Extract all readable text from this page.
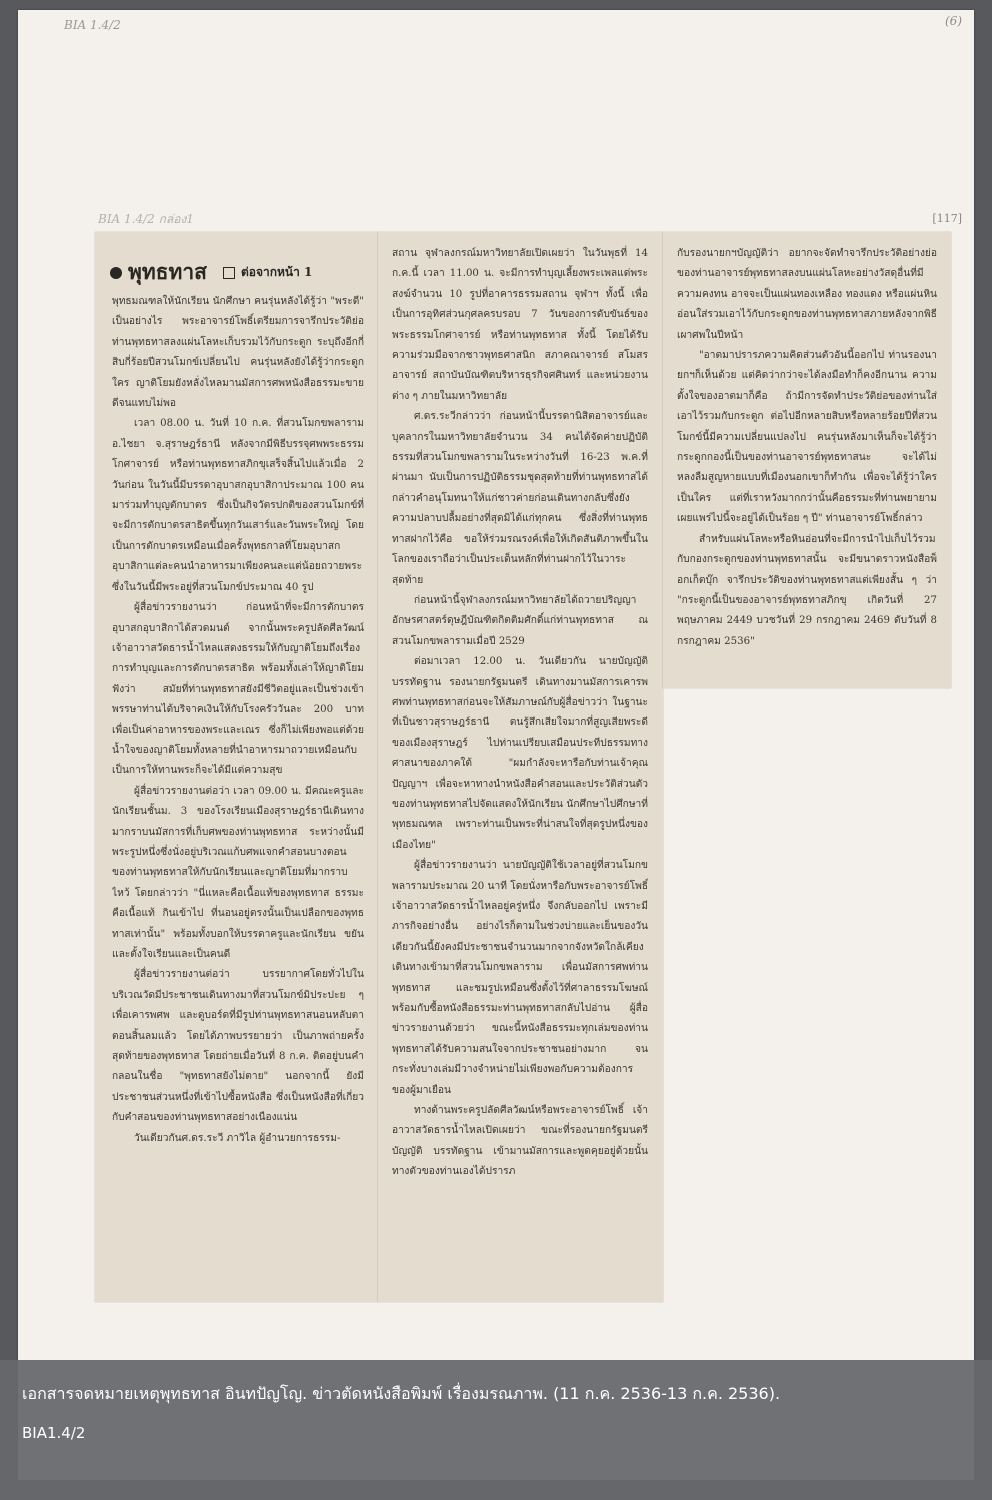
BIA 1.4/2	(6)
BIA 1.4/2 กล่อง1	[117]
พุทธทาส	ต่อจากหน้า 1

พุทธมณฑลให้นักเรียน นักศึกษา คนรุ่นหลังได้รู้ว่า "พระดี" เป็นอย่างไร พระอาจารย์โพธิ์เตรียมการจารึกประวัติย่อท่านพุทธทาสลงแผ่นโลหะเก็บรวมไว้กับกระดูก ระบุถึงอีกกี่สิบกี่ร้อยปีสวนโมกข์เปลี่ยนไป คนรุ่นหลังยังได้รู้ว่ากระดูกใคร ญาติโยมยังหลั่งไหลมานมัสการศพหนังสือธรรมะขายดีจนแทบไม่พอ

เวลา 08.00 น. วันที่ 10 ก.ค. ที่สวนโมกขพลาราม อ.ไชยา จ.สุราษฎร์ธานี หลังจากมีพิธีบรรจุศพพระธรรมโกศาจารย์ หรือท่านพุทธทาสภิกขุเสร็จสิ้นไปแล้วเมื่อ 2 วันก่อน ในวันนี้มีบรรดาอุบาสกอุบาสิกาประมาณ 100 คน มาร่วมทำบุญตักบาตร ซึ่งเป็นกิจวัตรปกติของสวนโมกข์ที่จะมีการตักบาตรสาธิตขึ้นทุกวันเสาร์และวันพระใหญ่ โดยเป็นการตักบาตรเหมือนเมื่อครั้งพุทธกาลที่โยมอุบาสกอุบาสิกาแต่ละคนนำอาหารมาเพียงคนละแต่น้อยถวายพระ ซึ่งในวันนี้มีพระอยู่ที่สวนโมกข์ประมาณ 40 รูป

ผู้สื่อข่าวรายงานว่า ก่อนหน้าที่จะมีการตักบาตรอุบาสกอุบาสิกาได้สวดมนต์ จากนั้นพระครูปลัดศีลวัฒน์ เจ้าอาวาสวัดธารน้ำไหลแสดงธรรมให้กับญาติโยมถึงเรื่องการทำบุญและการตักบาตรสาธิต พร้อมทั้งเล่าให้ญาติโยมฟังว่า สมัยที่ท่านพุทธทาสยังมีชีวิตอยู่และเป็นช่วงเข้าพรรษาท่านได้บริจาคเงินให้กับโรงครัววันละ 200 บาท เพื่อเป็นค่าอาหารของพระและเณร ซึ่งก็ไม่เพียงพอแต่ด้วยน้ำใจของญาติโยมทั้งหลายที่นำอาหารมาถวายเหมือนกับเป็นการให้ทานพระก็จะได้มีแต่ความสุข

ผู้สื่อข่าวรายงานต่อว่า เวลา 09.00 น. มีคณะครูและนักเรียนชั้นม. 3 ของโรงเรียนเมืองสุราษฎร์ธานีเดินทางมากราบนมัสการที่เก็บศพของท่านพุทธทาส ระหว่างนั้นมีพระรูปหนึ่งซึ่งนั่งอยู่บริเวณแก้บศพแจกคำสอนบางตอนของท่านพุทธทาสให้กับนักเรียนและญาติโยมที่มากราบไหว้ โดยกล่าวว่า "นี่แหละคือเนื้อแท้ของพุทธทาส ธรรมะคือเนื้อแท้ กินเข้าไป ที่นอนอยู่ตรงนั้นเป็นเปลือกของพุทธทาสเท่านั้น" พร้อมทั้งบอกให้บรรดาครูและนักเรียน ขยันและตั้งใจเรียนและเป็นคนดี

ผู้สื่อข่าวรายงานต่อว่า บรรยากาศโดยทั่วไปในบริเวณวัดมีประชาชนเดินทางมาที่สวนโมกข์มิประปะย ๆ เพื่อเคารพศพ และดูบอร์ดที่มีรูปท่านพุทธทาสนอนหลับตาตอนสิ้นลมแล้ว โดยได้ภาพบรรยายว่า เป็นภาพถ่ายครั้งสุดท้ายของพุทธทาส โดยถ่ายเมื่อวันที่ 8 ก.ค. ติดอยู่บนคำกลอนในชื่อ "พุทธทาสยังไม่ตาย" นอกจากนี้ ยังมีประชาชนส่วนหนึ่งที่เข้าไปซื้อหนังสือ ซึ่งเป็นหนังสือที่เกี่ยวกับคำสอนของท่านพุทธทาสอย่างเนืองแน่น

วันเดียวกันศ.ดร.ระวี ภาวิไล ผู้อำนวยการธรรม-

สถาน จุฬาลงกรณ์มหาวิทยาลัยเปิดเผยว่า ในวันพุธที่ 14 ก.ค.นี้ เวลา 11.00 น. จะมีการทำบุญเลี้ยงพระเพลแด่พระสงฆ์จำนวน 10 รูปที่อาคารธรรมสถาน จุฬาฯ ทั้งนี้ เพื่อเป็นการอุทิศส่วนกุศลครบรอบ 7 วันของการดับขันธ์ของพระธรรมโกศาจารย์ หรือท่านพุทธทาส ทั้งนี้ โดยได้รับความร่วมมือจากชาวพุทธศาสนิก สภาคณาจารย์ สโมสรอาจารย์ สถาบันบัณฑิตบริหารธุรกิจศศินทร์ และหน่วยงานต่าง ๆ ภายในมหาวิทยาลัย

ศ.ดร.ระวีกล่าวว่า ก่อนหน้านี้บรรดานิสิตอาจารย์และบุคลากรในมหาวิทยาลัยจำนวน 34 คนได้จัดค่ายปฏิบัติธรรมที่สวนโมกขพลารามในระหว่างวันที่ 16-23 พ.ค.ที่ผ่านมา นับเป็นการปฏิบัติธรรมชุดสุดท้ายที่ท่านพุทธทาสได้กล่าวคำอนุโมทนาให้แก่ชาวค่ายก่อนเดินทางกลับซึ่งยังความปลาบปลื้มอย่างที่สุดมิได้แก่ทุกคน ซึ่งสิ่งที่ท่านพุทธทาสฝากไว้คือ ขอให้ร่วมรณรงค์เพื่อให้เกิดสันติภาพขึ้นในโลกของเราถือว่าเป็นประเด็นหลักที่ท่านฝากไว้ในวาระสุดท้าย

ก่อนหน้านี้จุฬาลงกรณ์มหาวิทยาลัยได้ถวายปริญญาอักษรศาสตร์ดุษฎีบัณฑิตกิตติมศักดิ์แก่ท่านพุทธทาส ณ สวนโมกขพลารามเมื่อปี 2529

ต่อมาเวลา 12.00 น. วันเดียวกัน นายบัญญัติ บรรทัดฐาน รองนายกรัฐมนตรี เดินทางมานมัสการเคารพศพท่านพุทธทาสก่อนจะให้สัมภาษณ์กับผู้สื่อข่าวว่า ในฐานะที่เป็นชาวสุราษฎร์ธานี ตนรู้สึกเสียใจมากที่สูญเสียพระดีของเมืองสุราษฎร์ ไปท่านเปรียบเสมือนประทีปธรรมทางศาสนาของภาคใต้ "ผมกำลังจะหารือกับท่านเจ้าคุณปัญญาฯ เพื่อจะหาทางนำหนังสือคำสอนและประวัติส่วนตัวของท่านพุทธทาสไปจัดแสดงให้นักเรียน นักศึกษาไปศึกษาที่พุทธมณฑล เพราะท่านเป็นพระที่น่าสนใจที่สุดรูปหนึ่งของเมืองไทย"

ผู้สื่อข่าวรายงานว่า นายบัญญัติใช้เวลาอยู่ที่สวนโมกขพลารามประมาณ 20 นาที โดยนั่งหารือกับพระอาจารย์โพธิ์ เจ้าอาวาสวัดธารน้ำไหลอยู่ครู่หนึ่ง จึงกลับออกไป เพราะมีภารกิจอย่างอื่น อย่างไรก็ตามในช่วงบ่ายและเย็นของวันเดียวกันนี้ยังคงมีประชาชนจำนวนมากจากจังหวัดใกล้เคียงเดินทางเข้ามาที่สวนโมกขพลาราม เพื่อนมัสการศพท่านพุทธทาส และชมรูปเหมือนซึ่งตั้งไว้ที่ศาลาธรรมโฆษณ์ พร้อมกับซื้อหนังสือธรรมะท่านพุทธทาสกลับไปอ่าน ผู้สื่อข่าวรายงานด้วยว่า ขณะนี้หนังสือธรรมะทุกเล่มของท่านพุทธทาสได้รับความสนใจจากประชาชนอย่างมาก จนกระทั่งบางเล่มมีวางจำหน่ายไม่เพียงพอกับความต้องการของผู้มาเยือน

ทางด้านพระครูปลัดศีลวัฒน์หรือพระอาจารย์โพธิ์ เจ้าอาวาสวัดธารน้ำไหลเปิดเผยว่า ขณะที่รองนายกรัฐมนตรีบัญญัติ บรรทัดฐาน เข้ามานมัสการและพูดคุยอยู่ด้วยนั้น ทางตัวของท่านเองได้ปรารภ

กับรองนายกฯบัญญัติว่า อยากจะจัดทำจารึกประวัติอย่างย่อของท่านอาจารย์พุทธทาสลงบนแผ่นโลหะอย่างวัสดุอื่นที่มีความคงทน อาจจะเป็นแผ่นทองเหลือง ทองแดง หรือแผ่นหินอ่อนใส่รวมเอาไว้กับกระดูกของท่านพุทธทาสภายหลังจากพิธีเผาศพในปีหน้า

"อาตมาปรารภความคิดส่วนตัวอันนี้ออกไป ท่านรองนายกฯก็เห็นด้วย แต่คิดว่ากว่าจะได้ลงมือทำก็คงอีกนาน ความตั้งใจของอาตมาก็คือ ถ้ามีการจัดทำประวัติย่อของท่านใส่เอาไว้รวมกับกระดูก ต่อไปอีกหลายสิบหรือหลายร้อยปีที่สวนโมกข์นี้มีความเปลี่ยนแปลงไป คนรุ่นหลังมาเห็นก็จะได้รู้ว่ากระดูกกองนี้เป็นของท่านอาจารย์พุทธทาสนะ จะได้ไม่หลงลืมสูญหายแบบที่เมืองนอกเขาก็ทำกัน เพื่อจะได้รู้ว่าใครเป็นใคร แต่ที่เราหวังมากกว่านั้นคือธรรมะที่ท่านพยายามเผยแพร่ไปนี้จะอยู่ได้เป็นร้อย ๆ ปี" ท่านอาจารย์โพธิ์กล่าว

สำหรับแผ่นโลหะหรือหินอ่อนที่จะมีการนำไปเก็บไว้รวมกับกองกระดูกของท่านพุทธทาสนั้น จะมีขนาดราวหนังสือพ็อกเก็ตบุ๊ก จารึกประวัติของท่านพุทธทาสแต่เพียงสั้น ๆ ว่า "กระดูกนี้เป็นของอาจารย์พุทธทาสภิกขุ เกิดวันที่ 27 พฤษภาคม 2449 บวชวันที่ 29 กรกฎาคม 2469 ดับวันที่ 8 กรกฎาคม 2536"

เอกสารจดหมายเหตุพุทธทาส อินทปัญโญ. ข่าวตัดหนังสือพิมพ์ เรื่องมรณภาพ. (11 ก.ค. 2536-13 ก.ค. 2536).
BIA1.4/2
